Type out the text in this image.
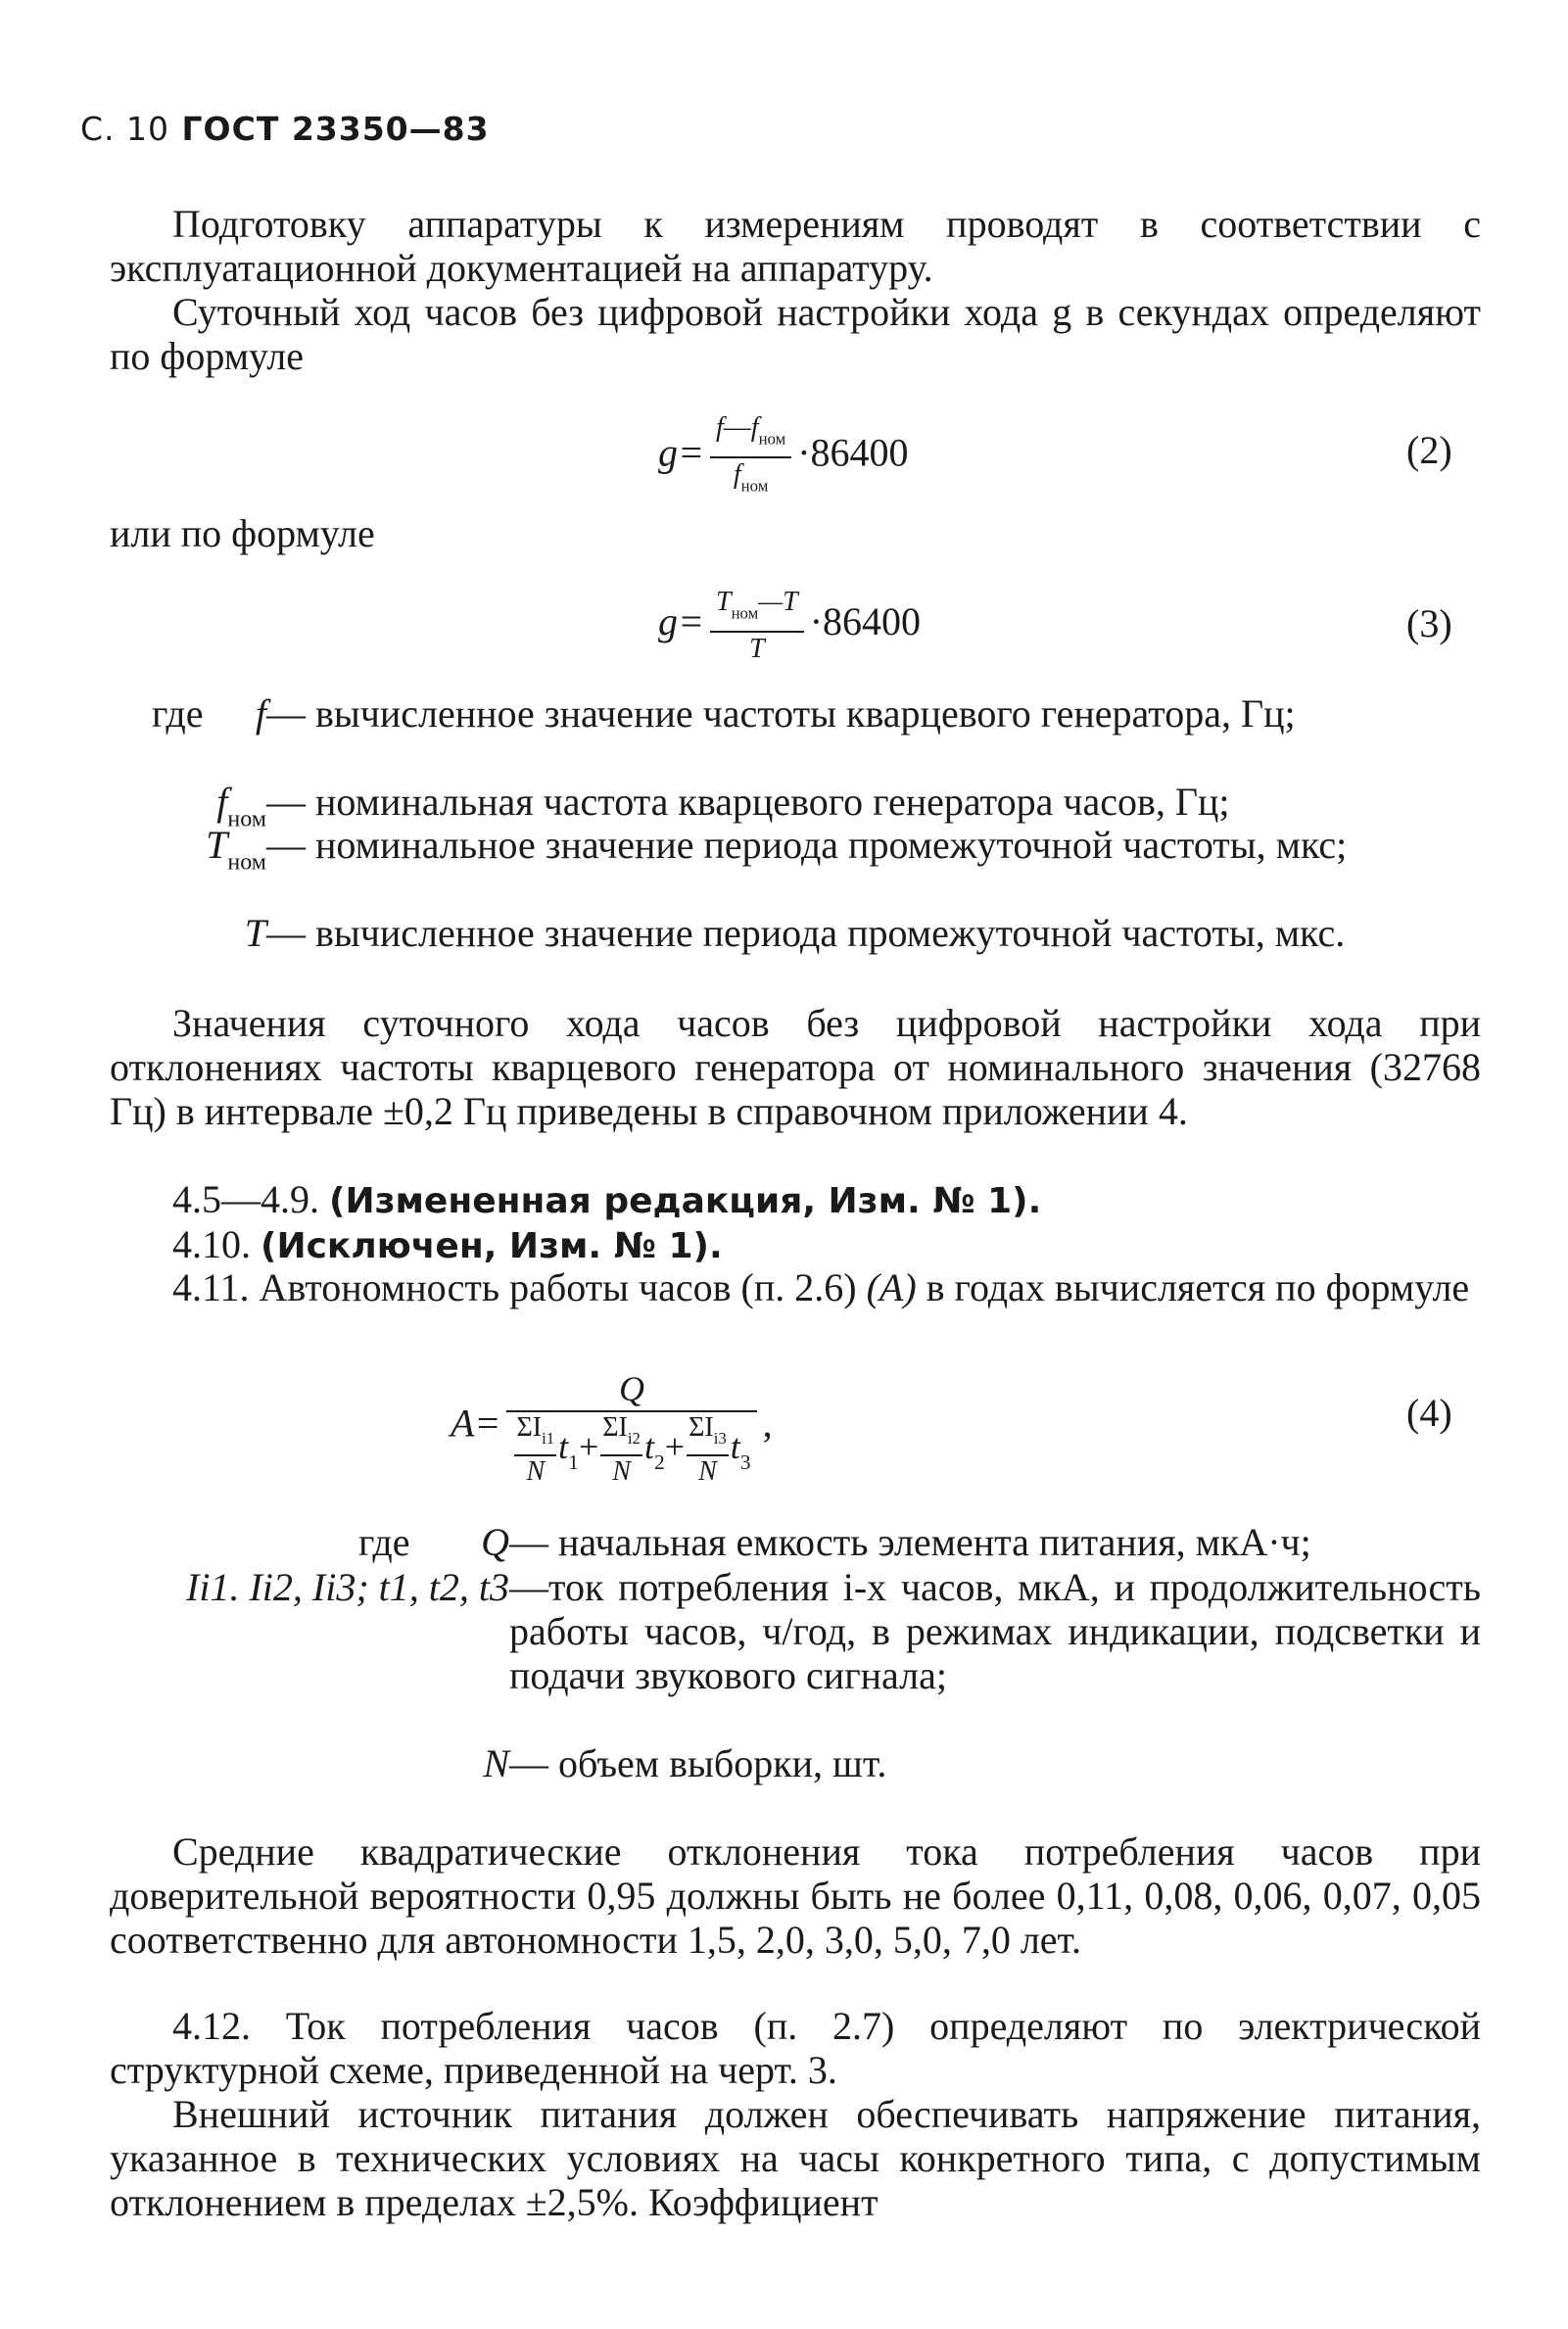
С. 10 ГОСТ 23350—83
Подготовку аппаратуры к измерениям проводят в соответствии с эксплуатационной документацией на аппаратуру.
Суточный ход часов без цифровой настройки хода g в секундах определяют по формуле
$g= \frac{f—f_{ном}}{f_{ном}} \cdot 86400$	(2)
или по формуле
$g= \frac{T_{ном}—T}{T} \cdot 86400$	(3)
где	f — вычисленное значение частоты кварцевого генератора, Гц;
$f_{ном}$ — номинальная частота кварцевого генератора часов, Гц;
$T_{ном}$ — номинальное значение периода промежуточной частоты, мкс;
T — вычисленное значение периода промежуточной частоты, мкс.
Значения суточного хода часов без цифровой настройки хода при отклонениях частоты кварцевого генератора от номинального значения (32768 Гц) в интервале ±0,2 Гц приведены в справочном приложении 4.
4.5—4.9. (Измененная редакция, Изм. № 1).
4.10. (Исключен, Изм. № 1).
4.11. Автономность работы часов (п. 2.6) (A) в годах вычисляется по формуле
$A= \frac{Q}{\frac{\Sigma I_{i1}}{N} t_1+ \frac{\Sigma I_{i2}}{N} t_2+ \frac{\Sigma I_{i3}}{N} t_3}$ ,	(4)
где	Q — начальная емкость элемента питания, мкА·ч;
Ii1. Ii2, Ii3; t1, t2, t3 —ток потребления i-х часов, мкА, и продолжительность работы часов, ч/год, в режимах индикации, подсветки и подачи звукового сигнала;
N — объем выборки, шт.
Средние квадратические отклонения тока потребления часов при доверительной вероятности 0,95 должны быть не более 0,11, 0,08, 0,06, 0,07, 0,05 соответственно для автономности 1,5, 2,0, 3,0, 5,0, 7,0 лет.
4.12. Ток потребления часов (п. 2.7) определяют по электрической структурной схеме, приведенной на черт. 3.
Внешний источник питания должен обеспечивать напряжение питания, указанное в технических условиях на часы конкретного типа, с допустимым отклонением в пределах ±2,5%. Коэффициент
